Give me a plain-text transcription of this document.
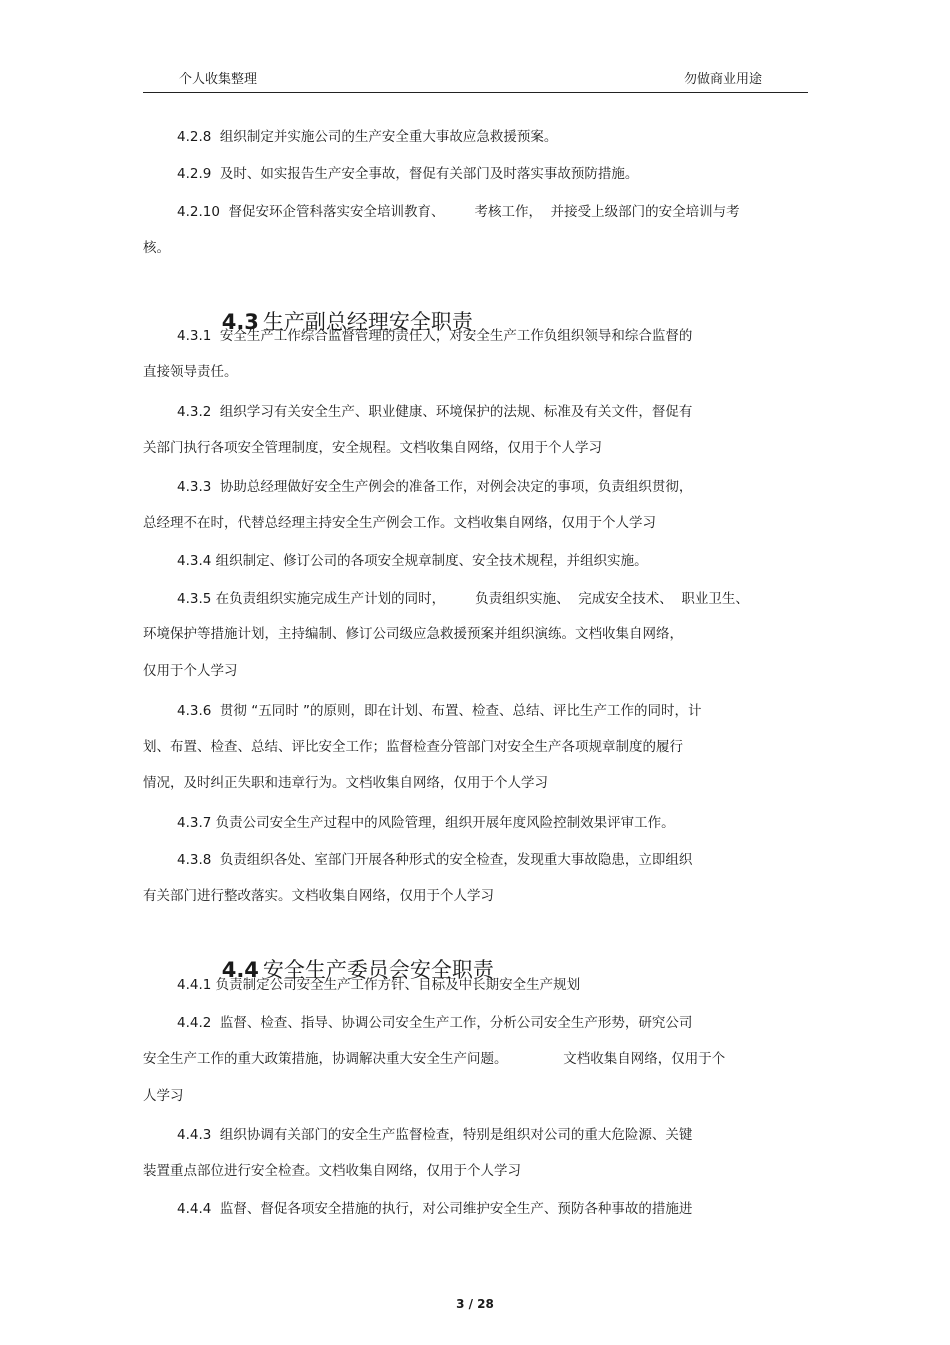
个人收集整理	勿做商业用途
4.2.8  组织制定并实施公司的生产安全重大事故应急救援预案。
4.2.9  及时、如实报告生产安全事故，督促有关部门及时落实事故预防措施。
4.2.10  督促安环企管科落实安全培训教育、       考核工作，  并接受上级部门的安全培训与考
核。

4.3 生产副总经理安全职责

4.3.1  安全生产工作综合监督管理的责任人，对安全生产工作负组织领导和综合监督的
直接领导责任。
4.3.2  组织学习有关安全生产、职业健康、环境保护的法规、标准及有关文件，督促有
关部门执行各项安全管理制度，安全规程。文档收集自网络，仅用于个人学习
4.3.3  协助总经理做好安全生产例会的准备工作，对例会决定的事项，负责组织贯彻，
总经理不在时，代替总经理主持安全生产例会工作。文档收集自网络，仅用于个人学习
4.3.4 组织制定、修订公司的各项安全规章制度、安全技术规程，并组织实施。
4.3.5 在负责组织实施完成生产计划的同时，       负责组织实施、  完成安全技术、  职业卫生、
环境保护等措施计划，主持编制、修订公司级应急救援预案并组织演练。文档收集自网络，
仅用于个人学习
4.3.6  贯彻 “五同时 ”的原则，即在计划、布置、检查、总结、评比生产工作的同时，计
划、布置、检查、总结、评比安全工作；监督检查分管部门对安全生产各项规章制度的履行
情况，及时纠正失职和违章行为。文档收集自网络，仅用于个人学习
4.3.7 负责公司安全生产过程中的风险管理，组织开展年度风险控制效果评审工作。
4.3.8  负责组织各处、室部门开展各种形式的安全检查，发现重大事故隐患，立即组织
有关部门进行整改落实。文档收集自网络，仅用于个人学习

4.4 安全生产委员会安全职责

4.4.1 负责制定公司安全生产工作方针、目标及中长期安全生产规划
4.4.2  监督、检查、指导、协调公司安全生产工作，分析公司安全生产形势，研究公司
安全生产工作的重大政策措施，协调解决重大安全生产问题。             文档收集自网络，仅用于个
人学习
4.4.3  组织协调有关部门的安全生产监督检查，特别是组织对公司的重大危险源、关键
装置重点部位进行安全检查。文档收集自网络，仅用于个人学习
4.4.4  监督、督促各项安全措施的执行，对公司维护安全生产、预防各种事故的措施进
3 / 28
